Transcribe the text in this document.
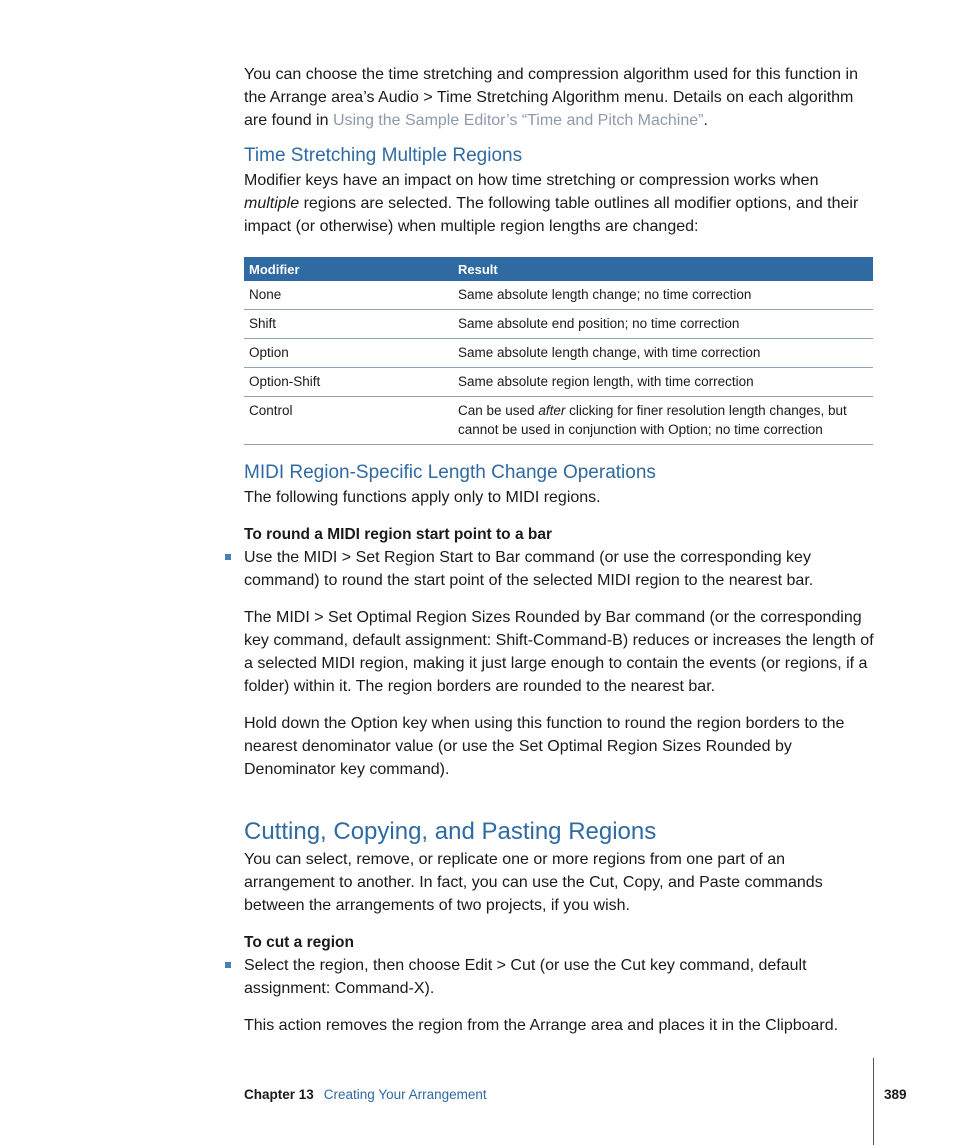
You can choose the time stretching and compression algorithm used for this function in the Arrange area’s Audio > Time Stretching Algorithm menu. Details on each algorithm are found in Using the Sample Editor’s “Time and Pitch Machine”.

Time Stretching Multiple Regions

Modifier keys have an impact on how time stretching or compression works when multiple regions are selected. The following table outlines all modifier options, and their impact (or otherwise) when multiple region lengths are changed:

Modifier	Result
None	Same absolute length change; no time correction
Shift	Same absolute end position; no time correction
Option	Same absolute length change, with time correction
Option-Shift	Same absolute region length, with time correction
Control	Can be used after clicking for finer resolution length changes, but cannot be used in conjunction with Option; no time correction
MIDI Region-Specific Length Change Operations

The following functions apply only to MIDI regions.

To round a MIDI region start point to a bar

Use the MIDI > Set Region Start to Bar command (or use the corresponding key command) to round the start point of the selected MIDI region to the nearest bar.

The MIDI > Set Optimal Region Sizes Rounded by Bar command (or the corresponding key command, default assignment: Shift-Command-B) reduces or increases the length of a selected MIDI region, making it just large enough to contain the events (or regions, if a folder) within it. The region borders are rounded to the nearest bar.

Hold down the Option key when using this function to round the region borders to the nearest denominator value (or use the Set Optimal Region Sizes Rounded by Denominator key command).

Cutting, Copying, and Pasting Regions

You can select, remove, or replicate one or more regions from one part of an arrangement to another. In fact, you can use the Cut, Copy, and Paste commands between the arrangements of two projects, if you wish.

To cut a region

Select the region, then choose Edit > Cut (or use the Cut key command, default assignment: Command-X).

This action removes the region from the Arrange area and places it in the Clipboard.

Chapter 13 Creating Your Arrangement	389
